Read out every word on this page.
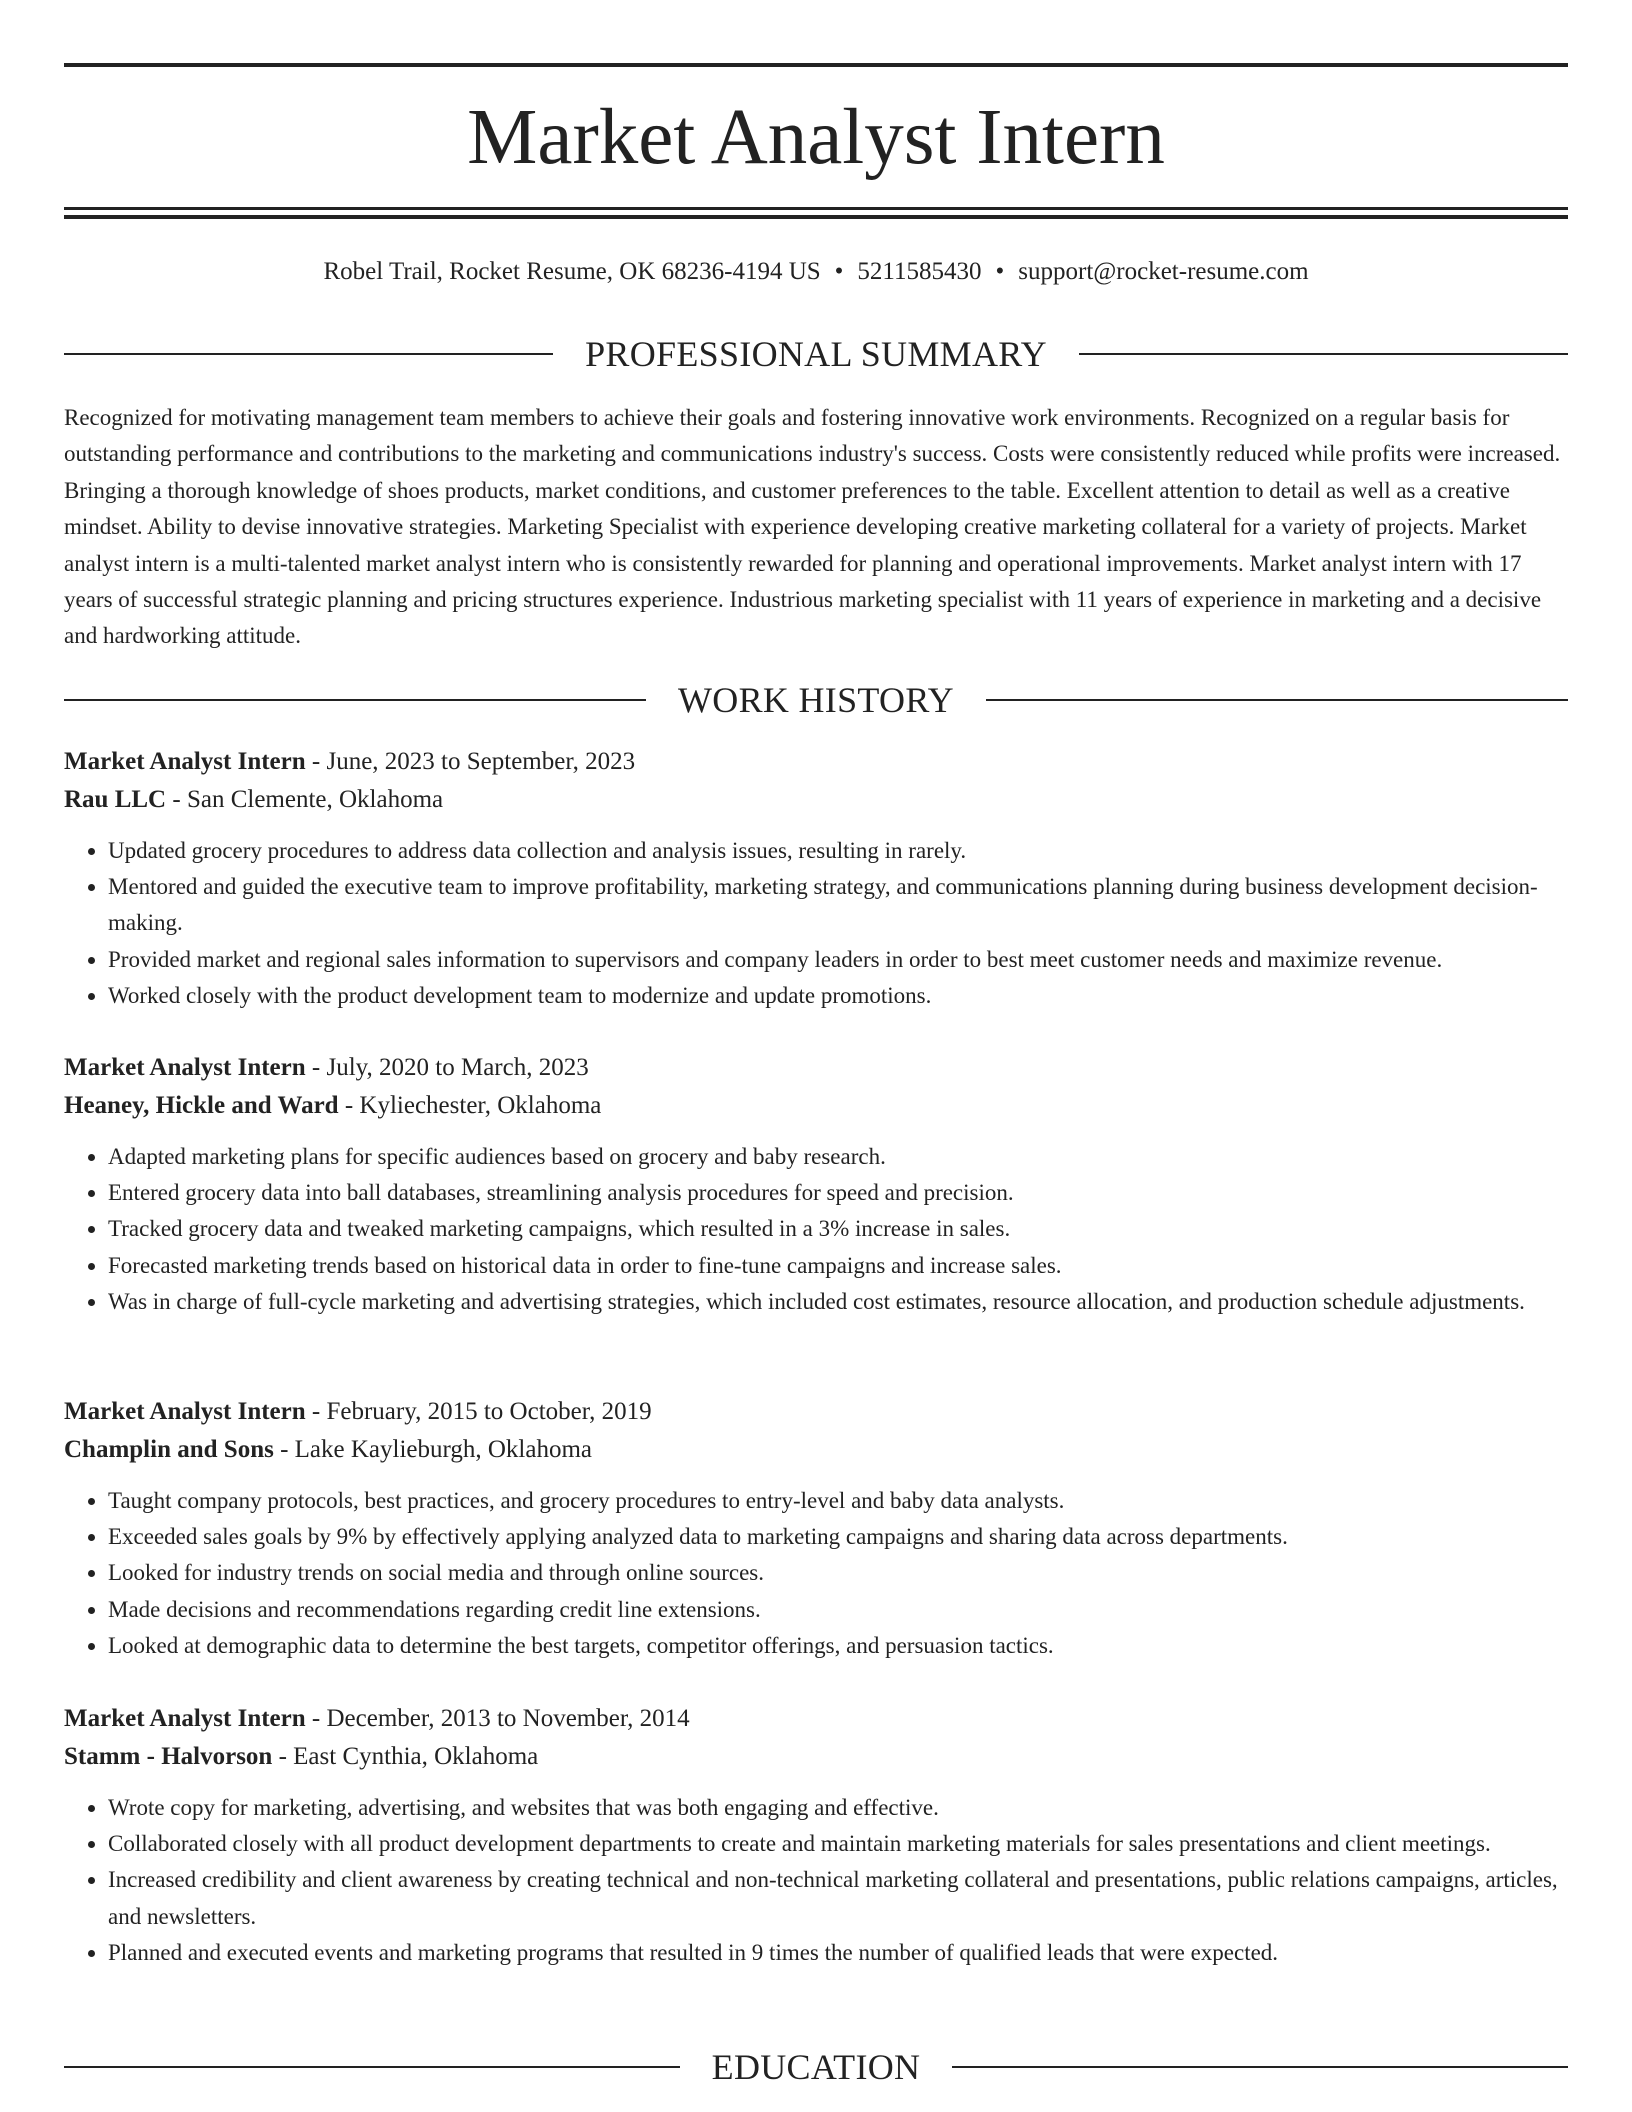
Market Analyst Intern
Robel Trail, Rocket Resume, OK 68236-4194 US • 5211585430 • support@rocket-resume.com
PROFESSIONAL SUMMARY

Recognized for motivating management team members to achieve their goals and fostering innovative work environments. Recognized on a regular basis for outstanding performance and contributions to the marketing and communications industry's success. Costs were consistently reduced while profits were increased. Bringing a thorough knowledge of shoes products, market conditions, and customer preferences to the table. Excellent attention to detail as well as a creative mindset. Ability to devise innovative strategies. Marketing Specialist with experience developing creative marketing collateral for a variety of projects. Market analyst intern is a multi-talented market analyst intern who is consistently rewarded for planning and operational improvements. Market analyst intern with 17 years of successful strategic planning and pricing structures experience. Industrious marketing specialist with 11 years of experience in marketing and a decisive and hardworking attitude.

WORK HISTORY
Market Analyst Intern - June, 2023 to September, 2023
Rau LLC - San Clemente, Oklahoma
• Updated grocery procedures to address data collection and analysis issues, resulting in rarely.
• Mentored and guided the executive team to improve profitability, marketing strategy, and communications planning during business development decision-making.
• Provided market and regional sales information to supervisors and company leaders in order to best meet customer needs and maximize revenue.
• Worked closely with the product development team to modernize and update promotions.
Market Analyst Intern - July, 2020 to March, 2023
Heaney, Hickle and Ward - Kyliechester, Oklahoma
• Adapted marketing plans for specific audiences based on grocery and baby research.
• Entered grocery data into ball databases, streamlining analysis procedures for speed and precision.
• Tracked grocery data and tweaked marketing campaigns, which resulted in a 3% increase in sales.
• Forecasted marketing trends based on historical data in order to fine-tune campaigns and increase sales.
• Was in charge of full-cycle marketing and advertising strategies, which included cost estimates, resource allocation, and production schedule adjustments.
Market Analyst Intern - February, 2015 to October, 2019
Champlin and Sons - Lake Kaylieburgh, Oklahoma
• Taught company protocols, best practices, and grocery procedures to entry-level and baby data analysts.
• Exceeded sales goals by 9% by effectively applying analyzed data to marketing campaigns and sharing data across departments.
• Looked for industry trends on social media and through online sources.
• Made decisions and recommendations regarding credit line extensions.
• Looked at demographic data to determine the best targets, competitor offerings, and persuasion tactics.
Market Analyst Intern - December, 2013 to November, 2014
Stamm - Halvorson - East Cynthia, Oklahoma
• Wrote copy for marketing, advertising, and websites that was both engaging and effective.
• Collaborated closely with all product development departments to create and maintain marketing materials for sales presentations and client meetings.
• Increased credibility and client awareness by creating technical and non-technical marketing collateral and presentations, public relations campaigns, articles, and newsletters.
• Planned and executed events and marketing programs that resulted in 9 times the number of qualified leads that were expected.
EDUCATION
